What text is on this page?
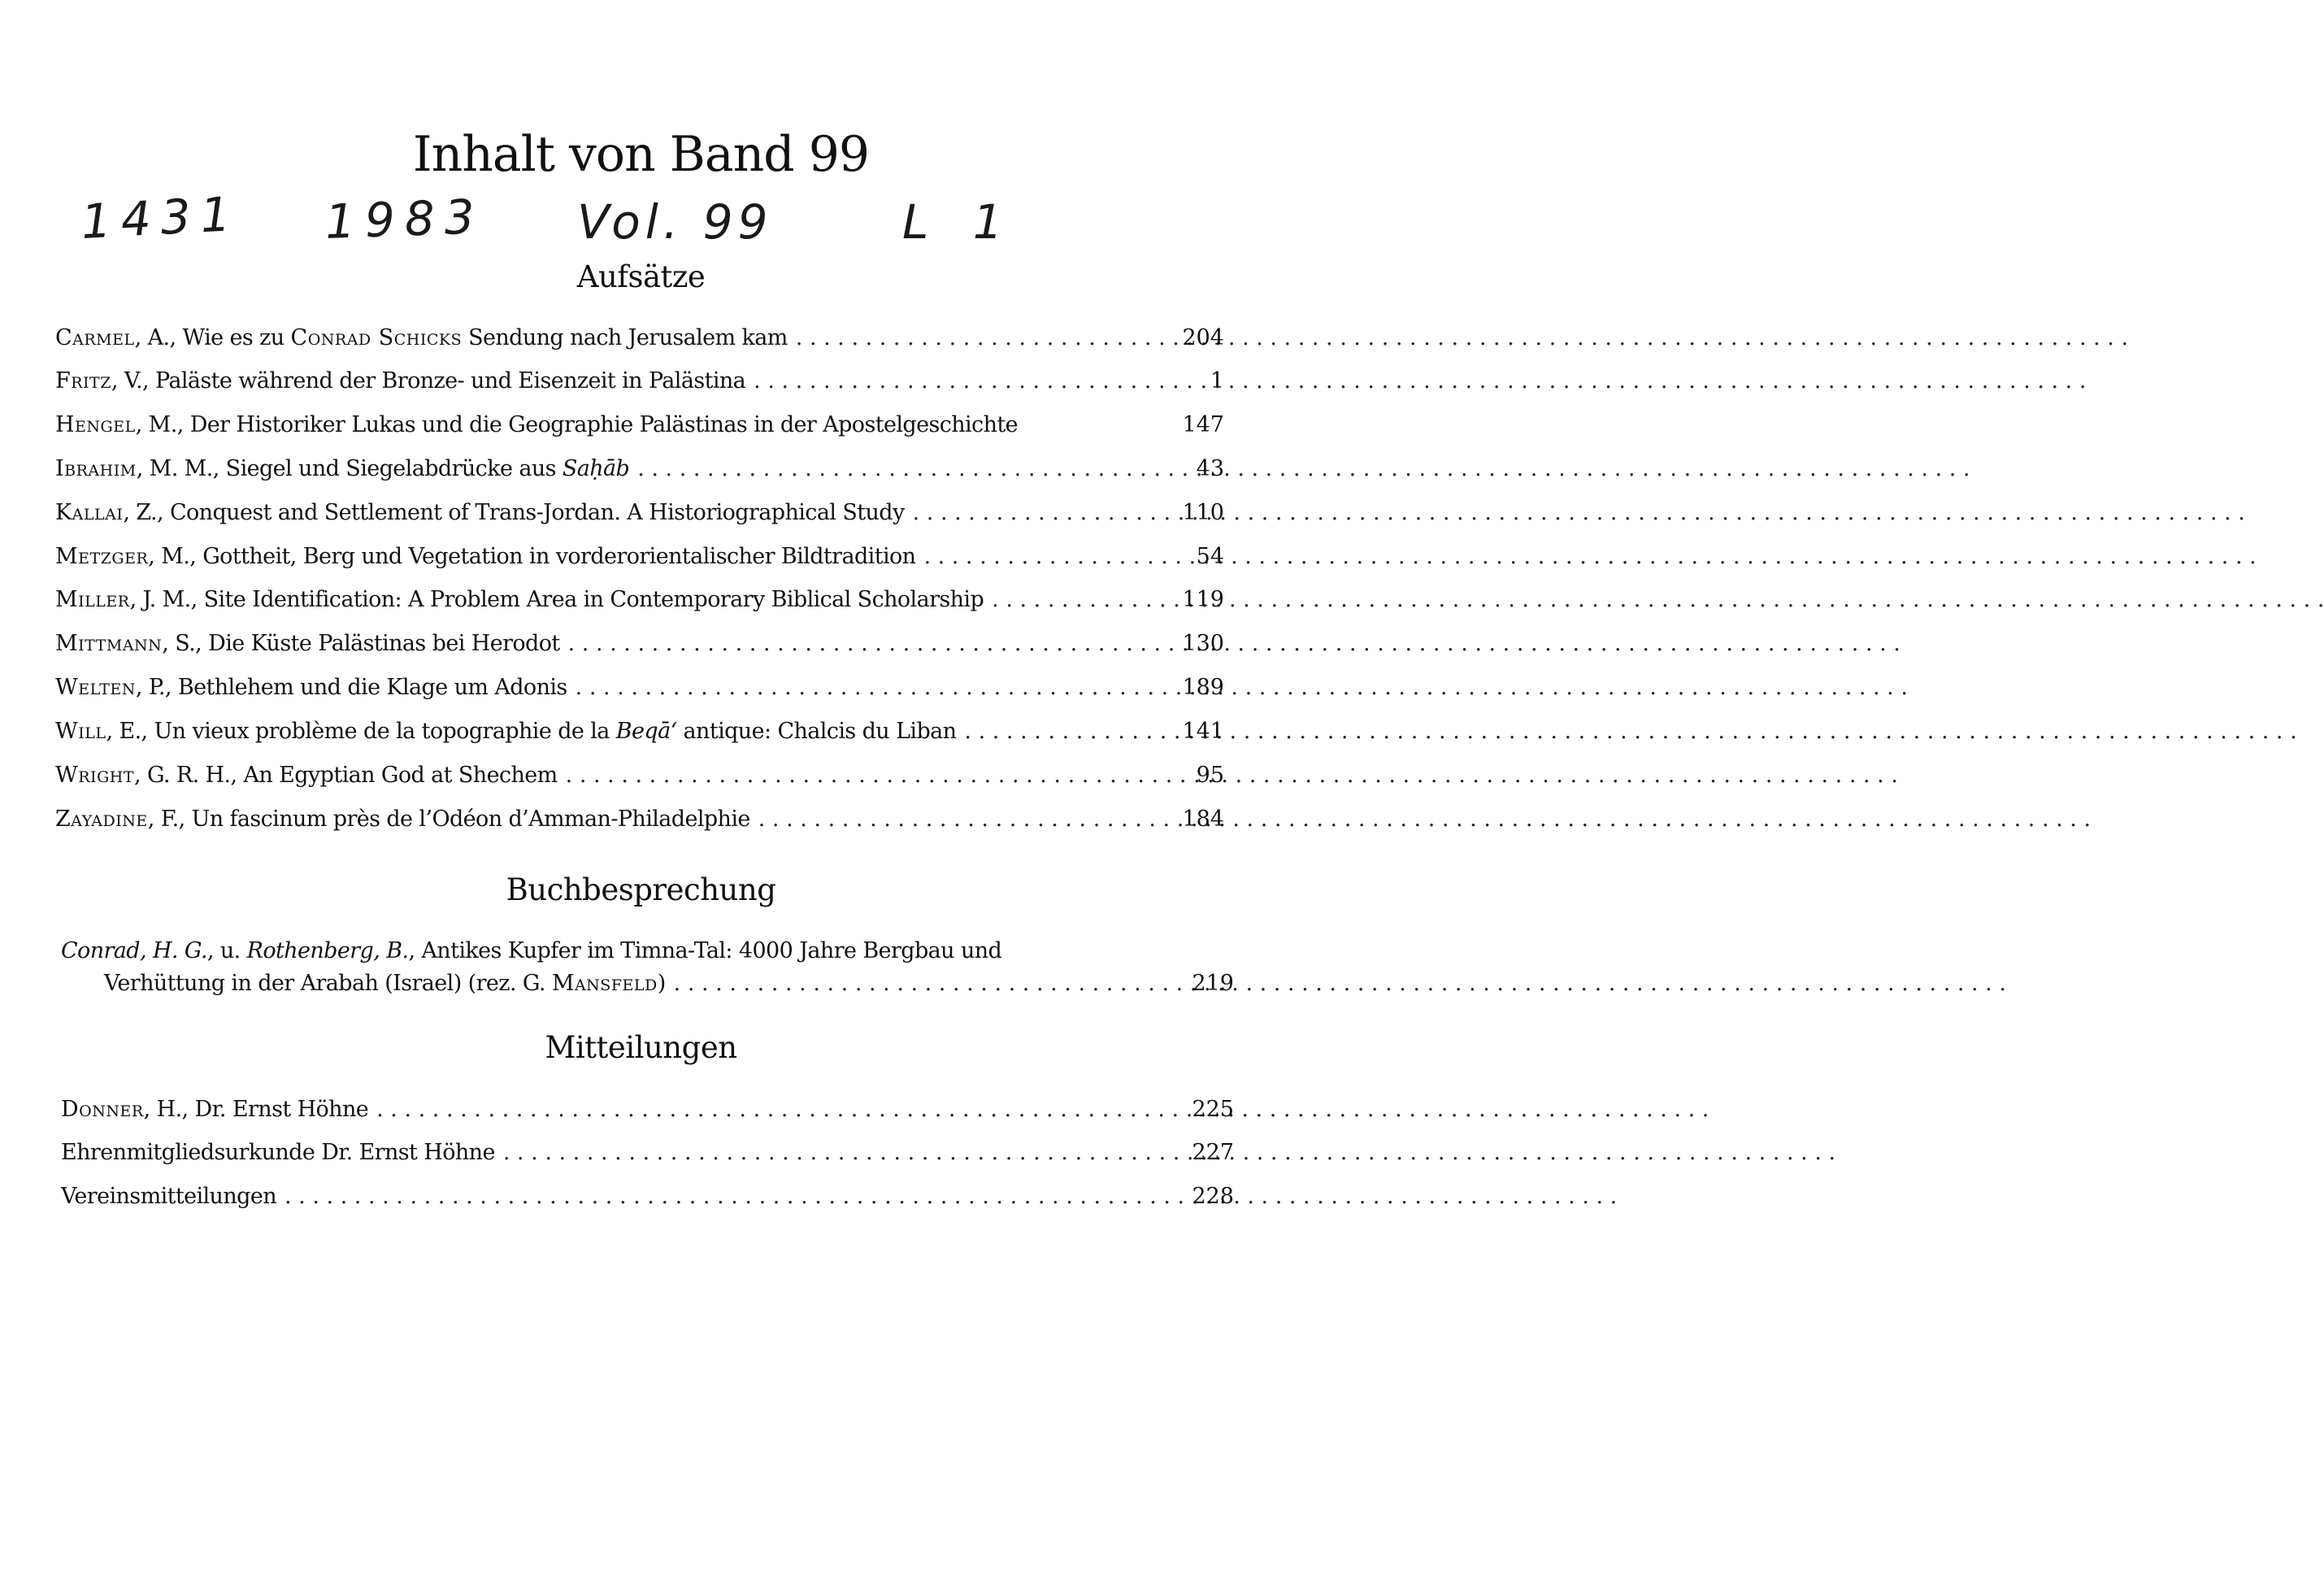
Inhalt von Band 99
1431 1983 Vol. 99	L 1
Aufsätze
Carmel, A., Wie es zu Conrad Schicks Sendung nach Jerusalem kam . . .	204
Fritz, V., Paläste während der Bronze- und Eisenzeit in Palästina . . .	1
Hengel, M., Der Historiker Lukas und die Geographie Palästinas in der Apostelgeschichte	147
Ibrahim, M. M., Siegel und Siegelabdrücke aus Saḥāb . . .	43
Kallai, Z., Conquest and Settlement of Trans-Jordan. A Historiographical Study . . .	110
Metzger, M., Gottheit, Berg und Vegetation in vorderorientalischer Bildtradition . . .	54
Miller, J. M., Site Identification: A Problem Area in Contemporary Biblical Scholarship . . .	119
Mittmann, S., Die Küste Palästinas bei Herodot . . .	130
Welten, P., Bethlehem und die Klage um Adonis . . .	189
Will, E., Un vieux problème de la topographie de la Beqā‘ antique: Chalcis du Liban . . .	141
Wright, G. R. H., An Egyptian God at Shechem . . .	95
Zayadine, F., Un fascinum près de l’Odéon d’Amman-Philadelphie . . .	184
Buchbesprechung
Conrad, H. G., u. Rothenberg, B., Antikes Kupfer im Timna-Tal: 4000 Jahre Bergbau und
Verhüttung in der Arabah (Israel) (rez. G. Mansfeld) . . .	219
Mitteilungen
Donner, H., Dr. Ernst Höhne . . .	225
Ehrenmitgliedsurkunde Dr. Ernst Höhne . . .	227
Vereinsmitteilungen . . .	228
